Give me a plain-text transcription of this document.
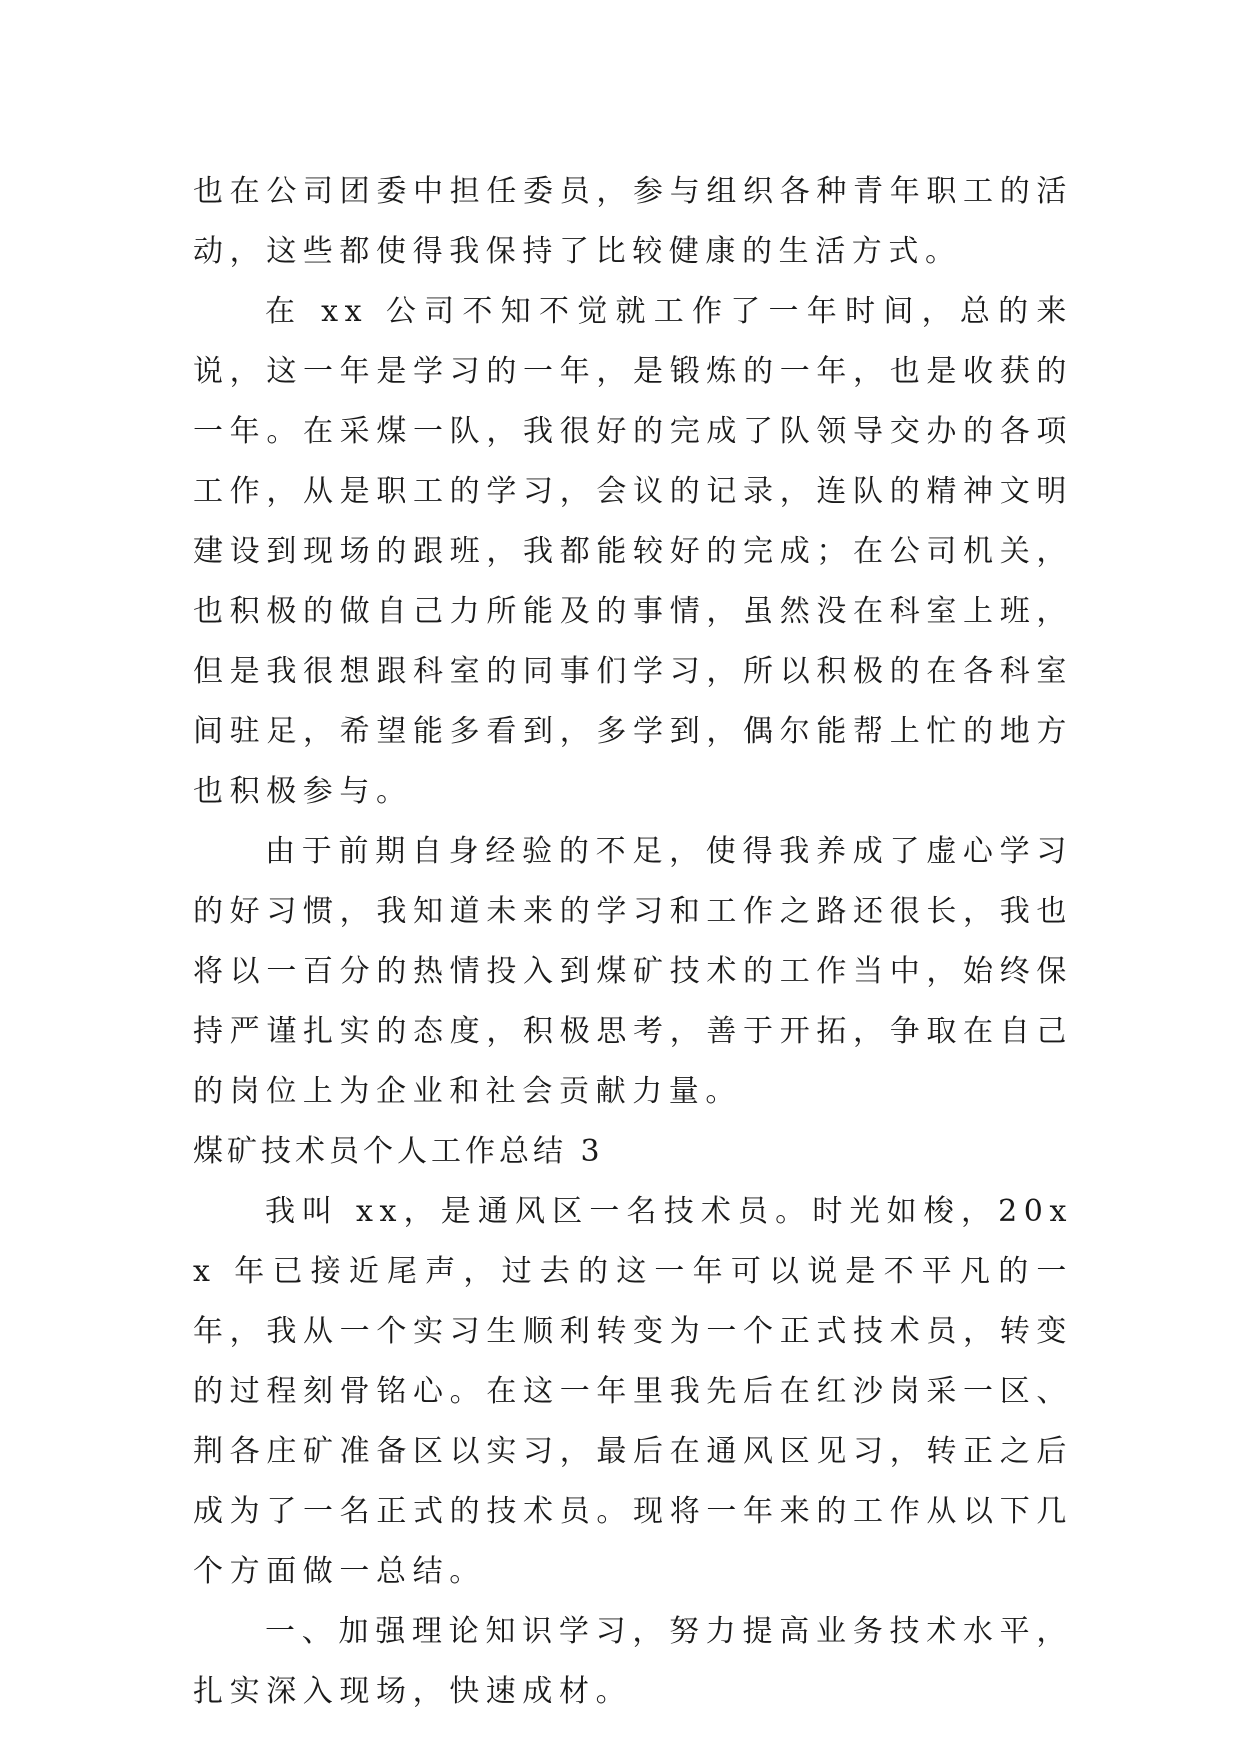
也在公司团委中担任委员，参与组织各种青年职工的活动，这些都使得我保持了比较健康的生活方式。

在 xx 公司不知不觉就工作了一年时间，总的来说，这一年是学习的一年，是锻炼的一年，也是收获的一年。在采煤一队，我很好的完成了队领导交办的各项工作，从是职工的学习，会议的记录，连队的精神文明建设到现场的跟班，我都能较好的完成；在公司机关，也积极的做自己力所能及的事情，虽然没在科室上班，但是我很想跟科室的同事们学习，所以积极的在各科室间驻足，希望能多看到，多学到，偶尔能帮上忙的地方也积极参与。

由于前期自身经验的不足，使得我养成了虚心学习的好习惯，我知道未来的学习和工作之路还很长，我也将以一百分的热情投入到煤矿技术的工作当中，始终保持严谨扎实的态度，积极思考，善于开拓，争取在自己的岗位上为企业和社会贡献力量。

煤矿技术员个人工作总结 3

我叫 xx，是通风区一名技术员。时光如梭，20xx 年已接近尾声，过去的这一年可以说是不平凡的一年，我从一个实习生顺利转变为一个正式技术员，转变的过程刻骨铭心。在这一年里我先后在红沙岗采一区、荆各庄矿准备区以实习，最后在通风区见习，转正之后成为了一名正式的技术员。现将一年来的工作从以下几个方面做一总结。

一、加强理论知识学习，努力提高业务技术水平，扎实深入现场，快速成材。
